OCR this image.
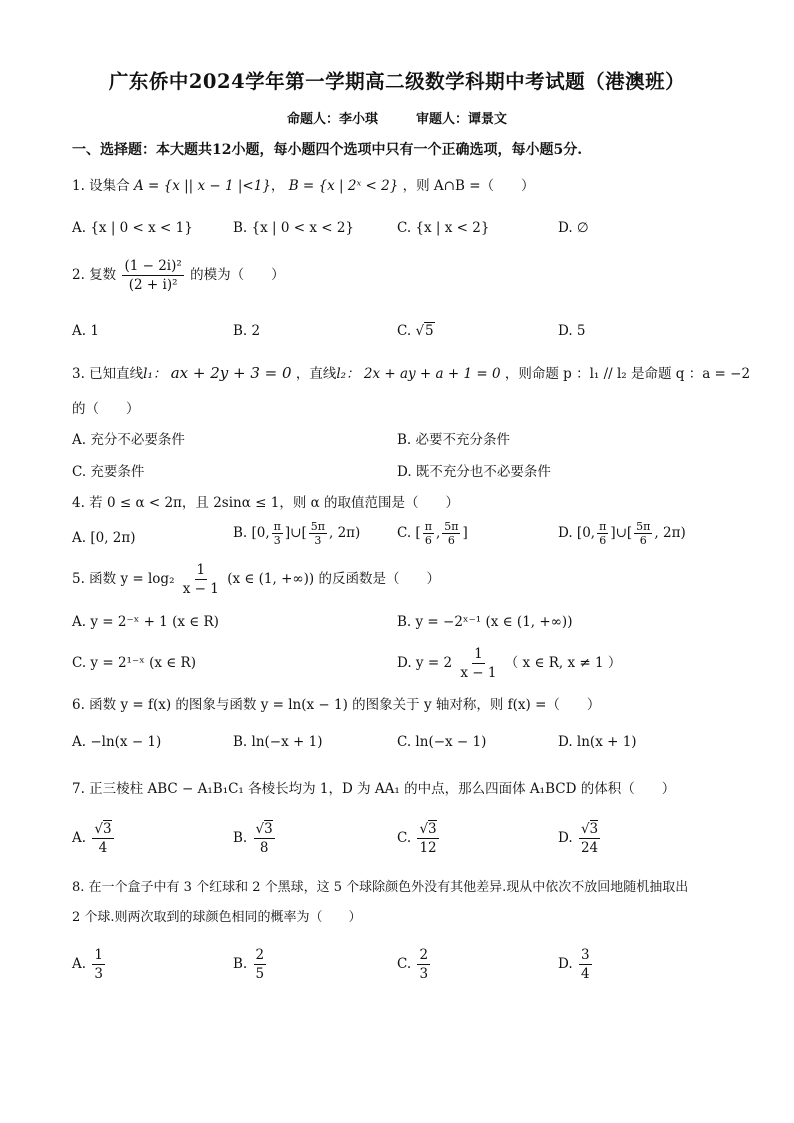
广东侨中2024学年第一学期高二级数学科期中考试题（港澳班）
命题人：李小琪	审题人：谭景文
一、选择题：本大题共12小题，每小题四个选项中只有一个正确选项，每小题5分.
1. 设集合 A = {x || x − 1 |<1}， B = {x | 2ˣ < 2} ，则 A∩B =（　　）
A. {x | 0 < x < 1}	B. {x | 0 < x < 2}	C. {x | x < 2}	D. ∅
2. 复数 $\frac{\text{(1 − 2i)²}}{\text{(2 + i)²}}$ 的模为（　　）
A. 1	B. 2	C. √5	D. 5
3. 已知直线l₁： ax + 2y + 3 = 0 ，直线l₂： 2x + ay + a + 1 = 0 ，则命题 p ：l₁ // l₂ 是命题 q ：a = −2
的（　　）
A. 充分不必要条件	B. 必要不充分条件
C. 充要条件	D. 既不充分也不必要条件
4. 若 0 ≤ α < 2π，且 2sinα ≤ 1，则 α 的取值范围是（　　）
A. [0, 2π)	B. [0, $\frac{\pi}{3}$ ]∪[ $\frac{5\pi}{3}$ , 2π)	C. [ $\frac{\pi}{6}$ , $\frac{5\pi}{6}$ ]	D. [0, $\frac{\pi}{6}$ ]∪[ $\frac{5\pi}{6}$ , 2π)
5. 函数 $y = \log_2 \frac{1}{x - 1} (x$ ∈ (1, +∞)) 的反函数是（　　）
A. y = 2⁻ˣ + 1 (x ∈ R)	B. y = −2ˣ⁻¹ (x ∈ (1, +∞))
C. y = 2¹⁻ˣ (x ∈ R)	D. $y = 2 \frac{1}{x - 1}$ （ x ∈ R, x ≠ 1 ）
6. 函数 y = f(x) 的图象与函数 y = ln(x − 1) 的图象关于 y 轴对称，则 f(x) =（　　）
A. −ln(x − 1)	B. ln(−x + 1)	C. ln(−x − 1)	D. ln(x + 1)
7. 正三棱柱 ABC − A₁B₁C₁ 各棱长均为 1，D 为 AA₁ 的中点，那么四面体 A₁BCD 的体积（　　）
A. $\frac{√3}{4}$	B. $\frac{√3}{8}$	C. $\frac{√3}{12}$	D. $\frac{√3}{24}$
8. 在一个盒子中有 3 个红球和 2 个黑球，这 5 个球除颜色外没有其他差异.现从中依次不放回地随机抽取出
2 个球.则两次取到的球颜色相同的概率为（　　）
A. $\frac{1}{3}$	B. $\frac{2}{5}$	C. $\frac{2}{3}$	D. $\frac{3}{4}$
